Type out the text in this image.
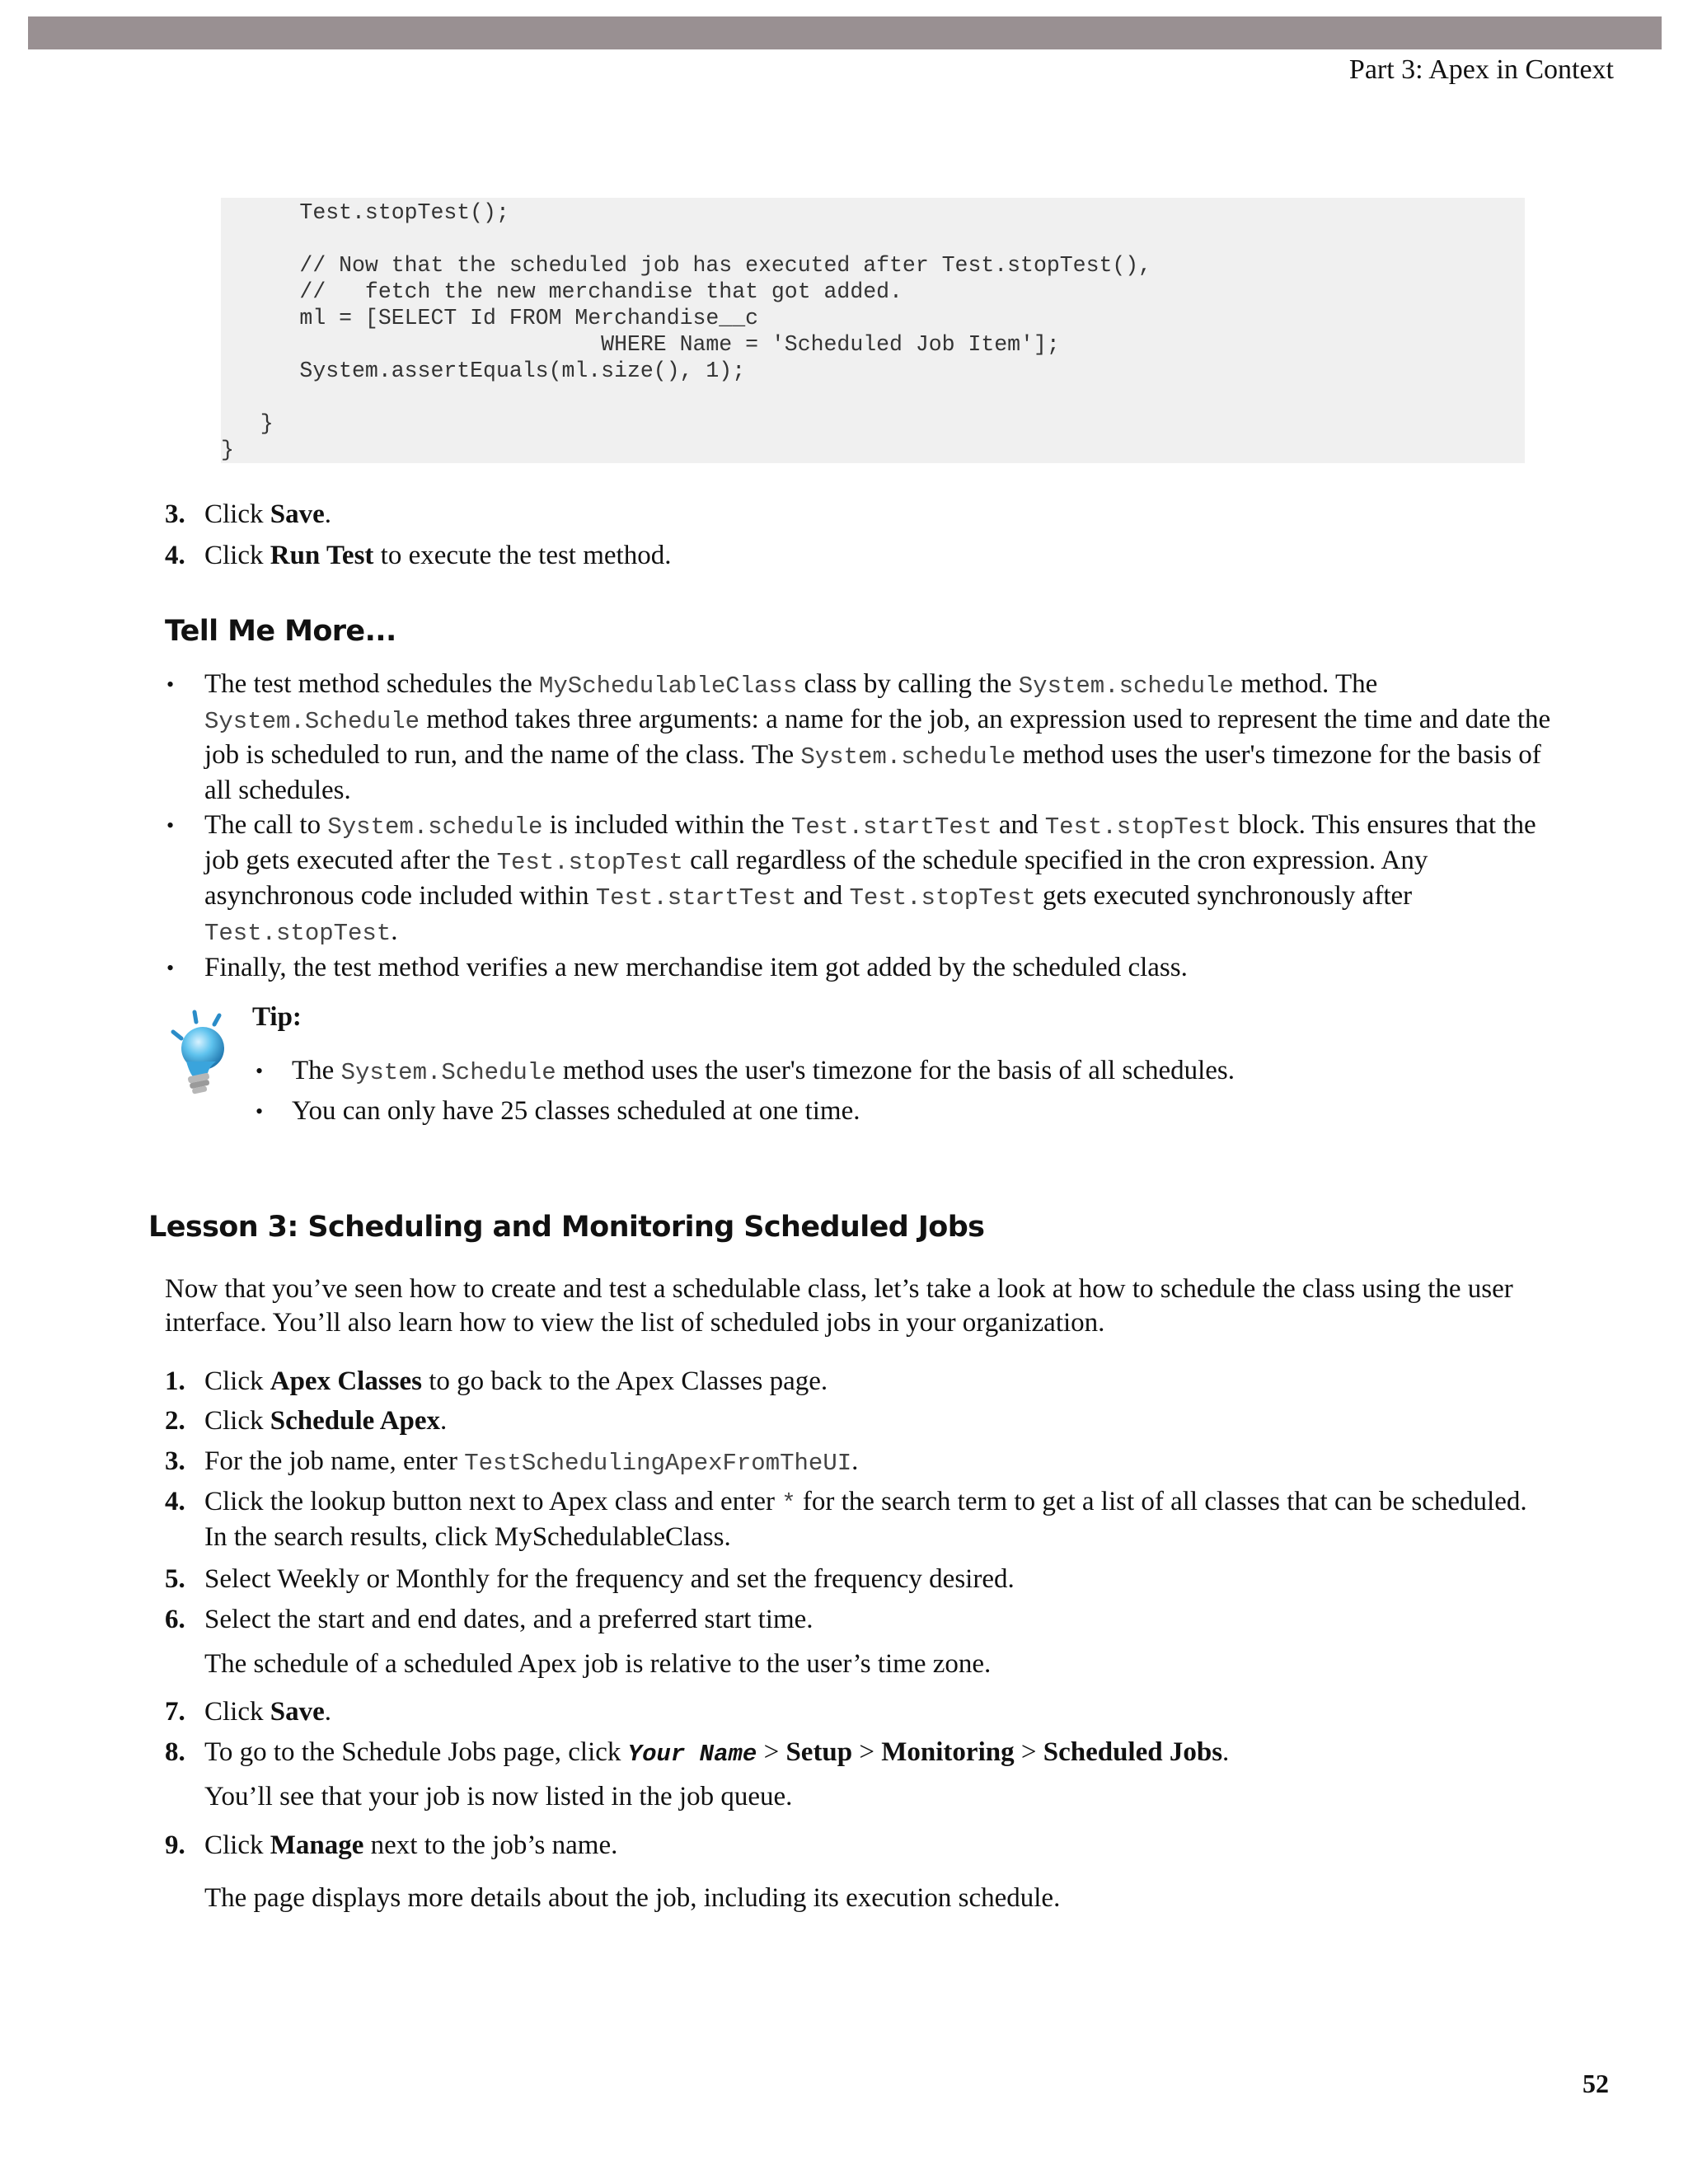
Part 3: Apex in Context
Test.stopTest();

// Now that the scheduled job has executed after Test.stopTest(),
//   fetch the new merchandise that got added.
ml = [SELECT Id FROM Merchandise__c
WHERE Name = 'Scheduled Job Item'];
System.assertEquals(ml.size(), 1);

}
}
3. Click Save.
4. Click Run Test to execute the test method.
Tell Me More...
• The test method schedules the MySchedulableClass class by calling the System.schedule method. The System.Schedule method takes three arguments: a name for the job, an expression used to represent the time and date the job is scheduled to run, and the name of the class. The System.schedule method uses the user's timezone for the basis of all schedules.
• The call to System.schedule is included within the Test.startTest and Test.stopTest block. This ensures that the job gets executed after the Test.stopTest call regardless of the schedule specified in the cron expression. Any asynchronous code included within Test.startTest and Test.stopTest gets executed synchronously after Test.stopTest.
• Finally, the test method verifies a new merchandise item got added by the scheduled class.
Tip:
• The System.Schedule method uses the user's timezone for the basis of all schedules.
• You can only have 25 classes scheduled at one time.
Lesson 3: Scheduling and Monitoring Scheduled Jobs
Now that you’ve seen how to create and test a schedulable class, let’s take a look at how to schedule the class using the user interface. You’ll also learn how to view the list of scheduled jobs in your organization.
1. Click Apex Classes to go back to the Apex Classes page.
2. Click Schedule Apex.
3. For the job name, enter TestSchedulingApexFromTheUI.
4. Click the lookup button next to Apex class and enter * for the search term to get a list of all classes that can be scheduled. In the search results, click MySchedulableClass.
5. Select Weekly or Monthly for the frequency and set the frequency desired.
6. Select the start and end dates, and a preferred start time.
The schedule of a scheduled Apex job is relative to the user’s time zone.
7. Click Save.
8. To go to the Schedule Jobs page, click Your Name > Setup > Monitoring > Scheduled Jobs.
You’ll see that your job is now listed in the job queue.
9. Click Manage next to the job’s name.
The page displays more details about the job, including its execution schedule.
52
